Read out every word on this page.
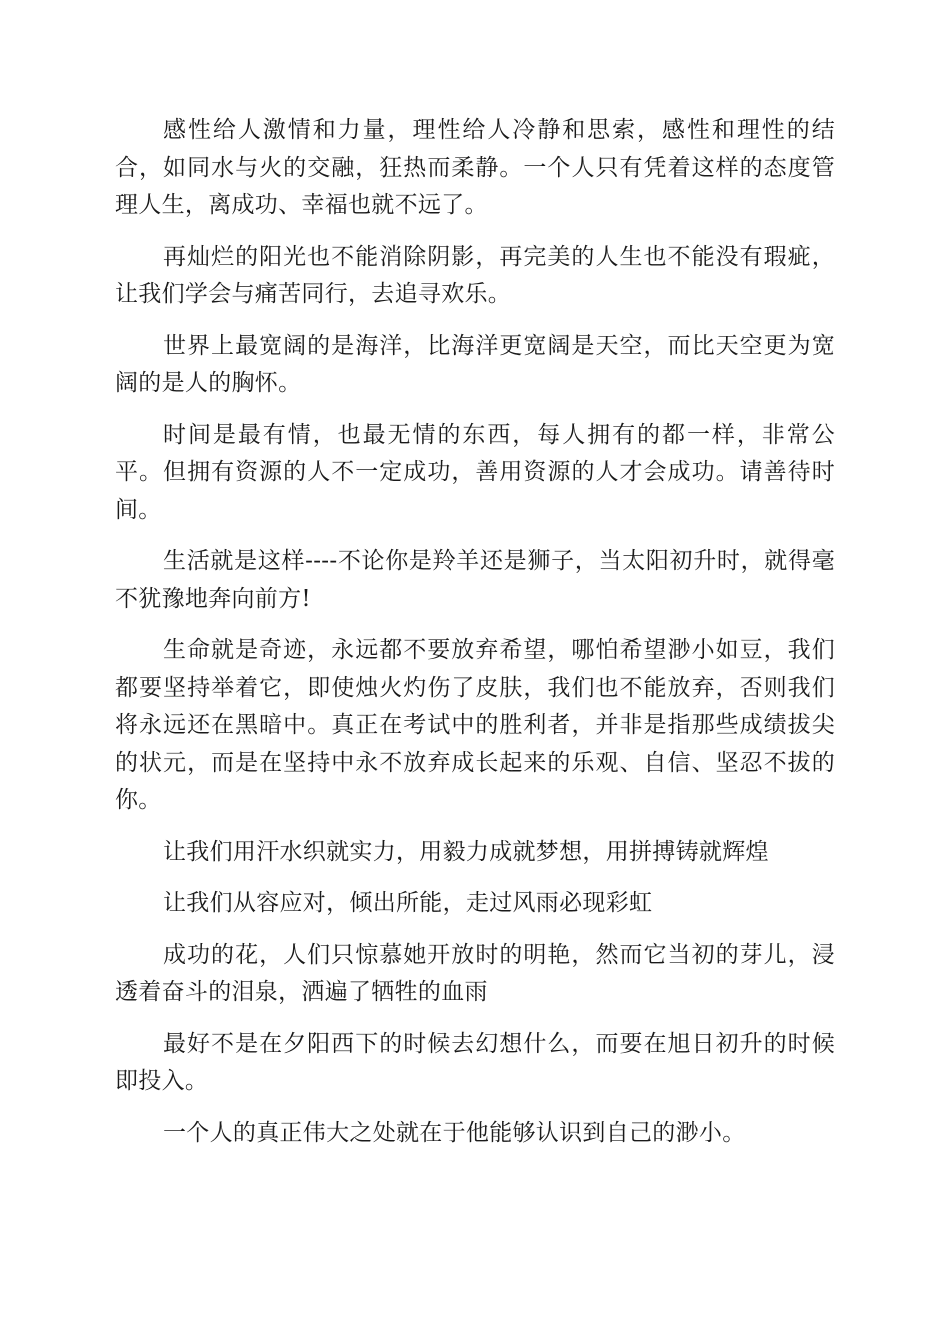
感性给人激情和力量，理性给人冷静和思索，感性和理性的结合，如同水与火的交融，狂热而柔静。一个人只有凭着这样的态度管理人生，离成功、幸福也就不远了。

再灿烂的阳光也不能消除阴影，再完美的人生也不能没有瑕疵，让我们学会与痛苦同行，去追寻欢乐。

世界上最宽阔的是海洋，比海洋更宽阔是天空，而比天空更为宽阔的是人的胸怀。

时间是最有情，也最无情的东西，每人拥有的都一样，非常公平。但拥有资源的人不一定成功，善用资源的人才会成功。请善待时间。

生活就是这样----不论你是羚羊还是狮子，当太阳初升时，就得毫不犹豫地奔向前方!

生命就是奇迹，永远都不要放弃希望，哪怕希望渺小如豆，我们都要坚持举着它，即使烛火灼伤了皮肤，我们也不能放弃，否则我们将永远还在黑暗中。真正在考试中的胜利者，并非是指那些成绩拔尖的状元，而是在坚持中永不放弃成长起来的乐观、自信、坚忍不拔的你。

让我们用汗水织就实力，用毅力成就梦想，用拼搏铸就辉煌

让我们从容应对，倾出所能，走过风雨必现彩虹

成功的花，人们只惊慕她开放时的明艳，然而它当初的芽儿，浸透着奋斗的泪泉，洒遍了牺牲的血雨

最好不是在夕阳西下的时候去幻想什么，而要在旭日初升的时候即投入。

一个人的真正伟大之处就在于他能够认识到自己的渺小。
